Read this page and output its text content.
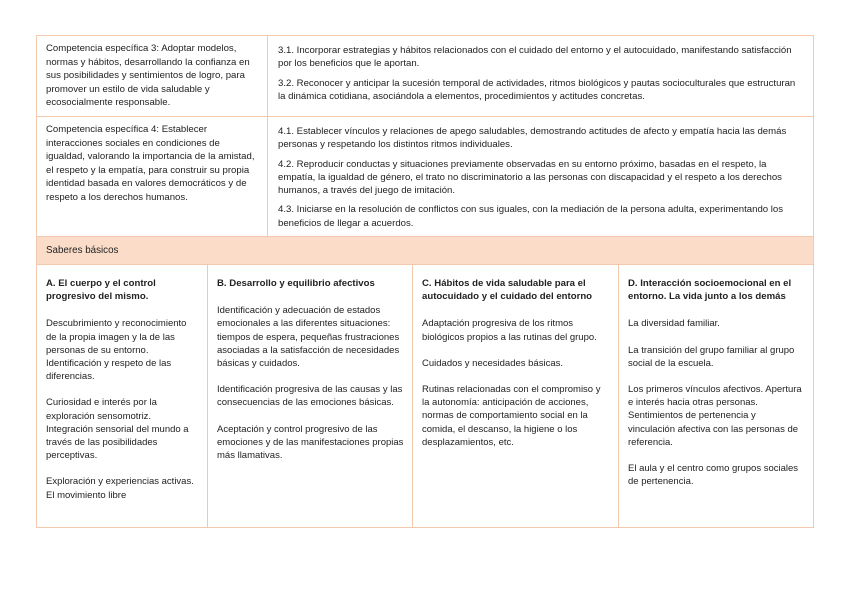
Competencia específica 3: Adoptar modelos, normas y hábitos, desarrollando la confianza en sus posibilidades y sentimientos de logro, para promover un estilo de vida saludable y ecosocialmente responsable.

3.1. Incorporar estrategias y hábitos relacionados con el cuidado del entorno y el autocuidado, manifestando satisfacción por los beneficios que le aportan.

3.2. Reconocer y anticipar la sucesión temporal de actividades, ritmos biológicos y pautas socioculturales que estructuran la dinámica cotidiana, asociándola a elementos, procedimientos y actitudes concretas.

Competencia específica 4: Establecer interacciones sociales en condiciones de igualdad, valorando la importancia de la amistad, el respeto y la empatía, para construir su propia identidad basada en valores democráticos y de respeto a los derechos humanos.

4.1. Establecer vínculos y relaciones de apego saludables, demostrando actitudes de afecto y empatía hacia las demás personas y respetando los distintos ritmos individuales.

4.2. Reproducir conductas y situaciones previamente observadas en su entorno próximo, basadas en el respeto, la empatía, la igualdad de género, el trato no discriminatorio a las personas con discapacidad y el respeto a los derechos humanos, a través del juego de imitación.

4.3. Iniciarse en la resolución de conflictos con sus iguales, con la mediación de la persona adulta, experimentando los beneficios de llegar a acuerdos.

Saberes básicos
A. El cuerpo y el control progresivo del mismo.

Descubrimiento y reconocimiento de la propia imagen y la de las personas de su entorno. Identificación y respeto de las diferencias.

Curiosidad e interés por la exploración sensomotriz. Integración sensorial del mundo a través de las posibilidades perceptivas.

Exploración y experiencias activas. El movimiento libre

B. Desarrollo y equilibrio afectivos

Identificación y adecuación de estados emocionales a las diferentes situaciones: tiempos de espera, pequeñas frustraciones asociadas a la satisfacción de necesidades básicas y cuidados.

Identificación progresiva de las causas y las consecuencias de las emociones básicas.

Aceptación y control progresivo de las emociones y de las manifestaciones propias más llamativas.

C. Hábitos de vida saludable para el autocuidado y el cuidado del entorno

Adaptación progresiva de los ritmos biológicos propios a las rutinas del grupo.

Cuidados y necesidades básicas.

Rutinas relacionadas con el compromiso y la autonomía: anticipación de acciones, normas de comportamiento social en la comida, el descanso, la higiene o los desplazamientos, etc.

D. Interacción socioemocional en el entorno. La vida junto a los demás

La diversidad familiar.

La transición del grupo familiar al grupo social de la escuela.

Los primeros vínculos afectivos. Apertura e interés hacia otras personas. Sentimientos de pertenencia y vinculación afectiva con las personas de referencia.

El aula y el centro como grupos sociales de pertenencia.
